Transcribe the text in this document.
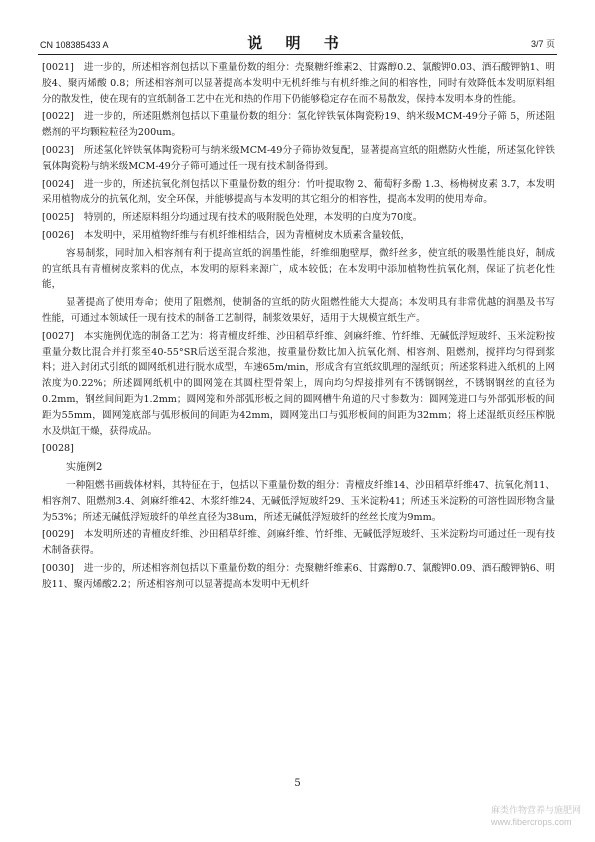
CN 108385433 A	说 明 书	3/7 页
[0021] 进一步的，所述相容剂包括以下重量份数的组分：壳聚糖纤维素2、甘露醇0.2、氯酸钾0.03、酒石酸钾钠1、明胶4、聚丙烯酸 0.8；所述相容剂可以显著提高本发明中无机纤维与有机纤维之间的相容性，同时有效降低本发明原料组分的散发性，使在现有的宣纸制备工艺中在光和热的作用下仍能够稳定存在而不易散发，保持本发明本身的性能。
[0022] 进一步的，所述阻燃剂包括以下重量份数的组分：氢化锌铁氧体陶瓷粉19、纳米级MCM-49分子筛 5，所述阻燃剂的平均颗粒粒径为200um。
[0023] 所述氢化锌铁氧体陶瓷粉可与纳米级MCM-49分子筛协效复配，显著提高宣纸的阻燃防火性能，所述氢化锌铁氧体陶瓷粉与纳米级MCM-49分子筛可通过任一现有技术制备得到。
[0024] 进一步的，所述抗氧化剂包括以下重量份数的组分：竹叶提取物 2、葡萄籽多酚 1.3、杨梅树皮素 3.7，本发明采用植物成分的抗氧化剂，安全环保，并能够提高与本发明的其它组分的相容性，提高本发明的使用寿命。
[0025] 特别的，所述原料组分均通过现有技术的吸附脱色处理，本发明的白度为70度。
[0026] 本发明中，采用植物纤维与有机纤维相结合，因为青檀树皮木质素含量较低，
容易制浆，同时加入相容剂有利于提高宣纸的润墨性能，纤维细胞壁厚，微纤丝多，使宣纸的吸墨性能良好，制成的宣纸具有青檀树皮浆料的优点，本发明的原料来源广，成本较低；在本发明中添加植物性抗氧化剂，保证了抗老化性能，
显著提高了使用寿命；使用了阻燃剂，使制备的宣纸的防火阻燃性能大大提高；本发明具有非常优越的润墨及书写性能，可通过本领域任一现有技术的制备工艺制得，制浆效果好，适用于大规模宣纸生产。
[0027] 本实施例优选的制备工艺为：将青檀皮纤维、沙田稻草纤维、剑麻纤维、竹纤维、无碱低浮短玻纤、玉米淀粉按重量分数比混合并打浆至40-55°SR后送至混合浆池，按重量份数比加入抗氧化剂、相容剂、阻燃剂，搅拌均匀得到浆料；进入封闭式引纸的圆网纸机进行脱水成型，车速65m/min，形成含有宣纸纹肌理的湿纸页；所述浆料进入纸机的上网浓度为0.22%；所述圆网纸机中的圆网笼在其圆柱型骨架上，周向均匀焊接排列有不锈钢钢丝，不锈钢钢丝的直径为0.2mm，钢丝间间距为1.2mm；圆网笼和外部弧形板之间的圆网槽牛角道的尺寸参数为：圆网笼进口与外部弧形板的间距为55mm，圆网笼底部与弧形板间的间距为42mm，圆网笼出口与弧形板间的间距为32mm；将上述湿纸页经压榨脱水及烘缸干燥，获得成品。
[0028]
实施例2
一种阻燃书画载体材料，其特征在于，包括以下重量份数的组分：青檀皮纤维14、沙田稻草纤维47、抗氧化剂11、相容剂7、阻燃剂3.4、剑麻纤维42、木浆纤维24、无碱低浮短玻纤29、玉米淀粉41；所述玉米淀粉的可溶性固形物含量为53%；所述无碱低浮短玻纤的单丝直径为38um，所述无碱低浮短玻纤的丝丝长度为9mm。
[0029] 本发明所述的青檀皮纤维、沙田稻草纤维、剑麻纤维、竹纤维、无碱低浮短玻纤、玉米淀粉均可通过任一现有技术制备获得。
[0030] 进一步的，所述相容剂包括以下重量份数的组分：壳聚糖纤维素6、甘露醇0.7、氯酸钾0.09、酒石酸钾钠6、明胶11、聚丙烯酸2.2；所述相容剂可以显著提高本发明中无机纤
5
麻类作物营养与施肥网
www.fibercrops.com
